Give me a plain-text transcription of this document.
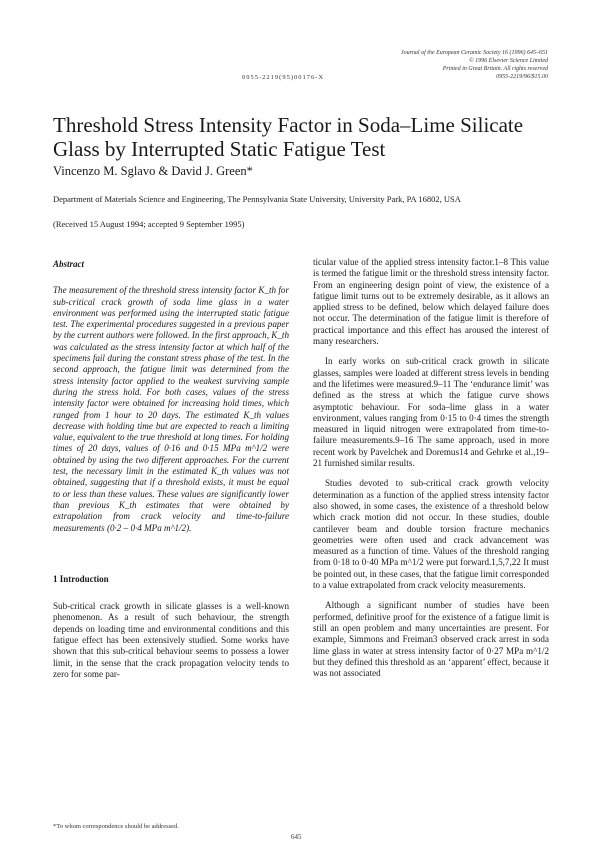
Journal of the European Ceramic Society 16 (1996) 645–651
© 1996 Elsevier Science Limited
Printed in Great Britain. All rights reserved
0955-2219/96/$15.00
0955-2219(95)00176-X
Threshold Stress Intensity Factor in Soda–Lime Silicate Glass by Interrupted Static Fatigue Test
Vincenzo M. Sglavo & David J. Green*
Department of Materials Science and Engineering, The Pennsylvania State University, University Park, PA 16802, USA
(Received 15 August 1994; accepted 9 September 1995)
Abstract

The measurement of the threshold stress intensity factor K_th for sub-critical crack growth of soda lime glass in a water environment was performed using the interrupted static fatigue test. The experimental procedures suggested in a previous paper by the current authors were followed. In the first approach, K_th was calculated as the stress intensity factor at which half of the specimens fail during the constant stress phase of the test. In the second approach, the fatigue limit was determined from the stress intensity factor applied to the weakest surviving sample during the stress hold. For both cases, values of the stress intensity factor were obtained for increasing hold times, which ranged from 1 hour to 20 days. The estimated K_th values decrease with holding time but are expected to reach a limiting value, equivalent to the true threshold at long times. For holding times of 20 days, values of 0·16 and 0·15 MPa m^1/2 were obtained by using the two different approaches. For the current test, the necessary limit in the estimated K_th values was not obtained, suggesting that if a threshold exists, it must be equal to or less than these values. These values are significantly lower than previous K_th estimates that were obtained by extrapolation from crack velocity and time-to-failure measurements (0·2 – 0·4 MPa m^1/2).

1 Introduction

Sub-critical crack growth in silicate glasses is a well-known phenomenon. As a result of such behaviour, the strength depends on loading time and environmental conditions and this fatigue effect has been extensively studied. Some works have shown that this sub-critical behaviour seems to possess a lower limit, in the sense that the crack propagation velocity tends to zero for some par-

ticular value of the applied stress intensity factor.1–8 This value is termed the fatigue limit or the threshold stress intensity factor. From an engineering design point of view, the existence of a fatigue limit turns out to be extremely desirable, as it allows an applied stress to be defined, below which delayed failure does not occur. The determination of the fatigue limit is therefore of practical importance and this effect has aroused the interest of many researchers.

In early works on sub-critical crack growth in silicate glasses, samples were loaded at different stress levels in bending and the lifetimes were measured.9–11 The ‘endurance limit’ was defined as the stress at which the fatigue curve shows asymptotic behaviour. For soda–lime glass in a water environment, values ranging from 0·15 to 0·4 times the strength measured in liquid nitrogen were extrapolated from time-to-failure measurements.9–16 The same approach, used in more recent work by Pavelchek and Doremus14 and Gehrke et al.,19–21 furnished similar results.

Studies devoted to sub-critical crack growth velocity determination as a function of the applied stress intensity factor also showed, in some cases, the existence of a threshold below which crack motion did not occur. In these studies, double cantilever beam and double torsion fracture mechanics geometries were often used and crack advancement was measured as a function of time. Values of the threshold ranging from 0·18 to 0·40 MPa m^1/2 were put forward.1,5,7,22 It must be pointed out, in these cases, that the fatigue limit corresponded to a value extrapolated from crack velocity measurements.

Although a significant number of studies have been performed, definitive proof for the existence of a fatigue limit is still an open problem and many uncertainties are present. For example, Simmons and Freiman3 observed crack arrest in soda lime glass in water at stress intensity factor of 0·27 MPa m^1/2 but they defined this threshold as an ‘apparent’ effect, because it was not associated

*To whom correspondence should be addressed.
645
